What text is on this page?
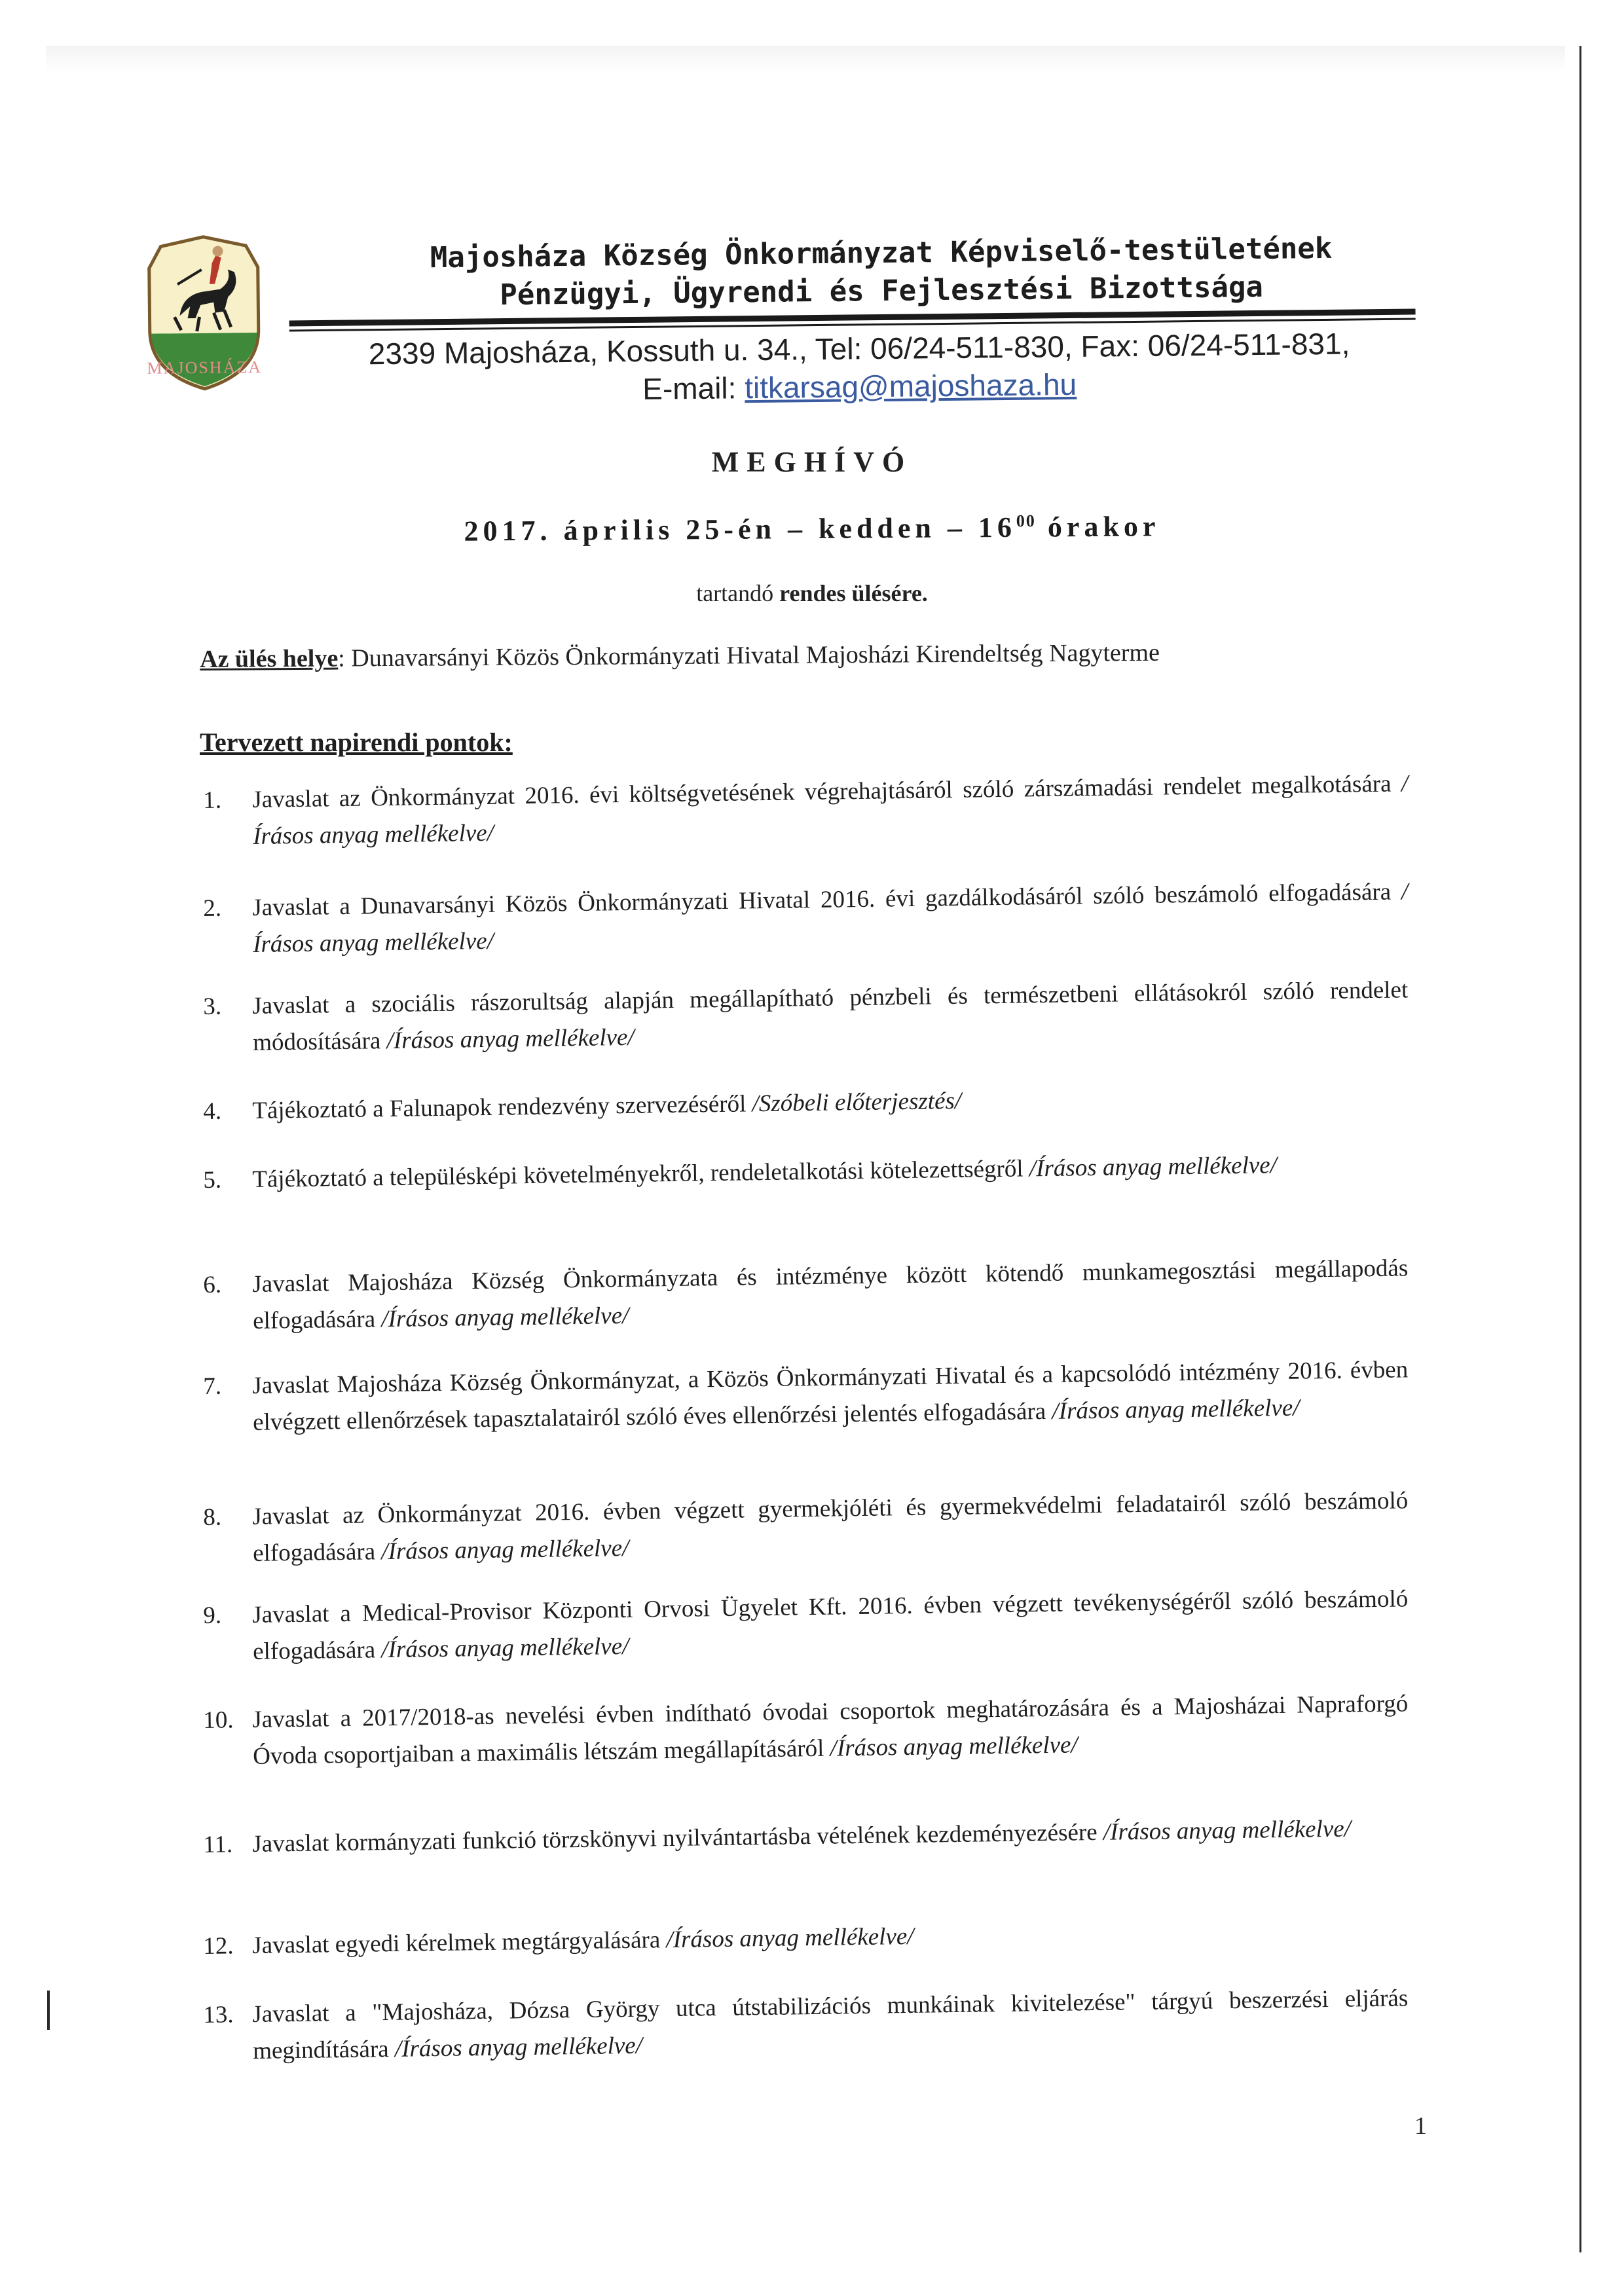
MAJOSHÁZA
Majosháza Község Önkormányzat Képviselő-testületének
Pénzügyi, Ügyrendi és Fejlesztési Bizottsága
2339 Majosháza, Kossuth u. 34., Tel: 06/24-511-830, Fax: 06/24-511-831,
E-mail: titkarsag@majoshaza.hu
MEGHÍVÓ
2017. április 25-én – kedden – $16^{00}$ órakor
tartandó rendes ülésére.
Az ülés helye: Dunavarsányi Közös Önkormányzati Hivatal Majosházi Kirendeltség Nagyterme
Tervezett napirendi pontok:
1.	Javaslat az Önkormányzat 2016. évi költségvetésének végrehajtásáról szóló zárszámadási rendelet megalkotására /Írásos anyag mellékelve/
2.	Javaslat a Dunavarsányi Közös Önkormányzati Hivatal 2016. évi gazdálkodásáról szóló beszámoló elfogadására /Írásos anyag mellékelve/
3.	Javaslat a szociális rászorultság alapján megállapítható pénzbeli és természetbeni ellátásokról szóló rendelet módosítására /Írásos anyag mellékelve/
4.	Tájékoztató a Falunapok rendezvény szervezéséről /Szóbeli előterjesztés/
5.	Tájékoztató a településképi követelményekről, rendeletalkotási kötelezettségről /Írásos anyag mellékelve/
6.	Javaslat Majosháza Község Önkormányzata és intézménye között kötendő munkamegosztási megállapodás elfogadására /Írásos anyag mellékelve/
7.	Javaslat Majosháza Község Önkormányzat, a Közös Önkormányzati Hivatal és a kapcsolódó intézmény 2016. évben elvégzett ellenőrzések tapasztalatairól szóló éves ellenőrzési jelentés elfogadására /Írásos anyag mellékelve/
8.	Javaslat az Önkormányzat 2016. évben végzett gyermekjóléti és gyermekvédelmi feladatairól szóló beszámoló elfogadására /Írásos anyag mellékelve/
9.	Javaslat a Medical-Provisor Központi Orvosi Ügyelet Kft. 2016. évben végzett tevékenységéről szóló beszámoló elfogadására /Írásos anyag mellékelve/
10. Javaslat a 2017/2018-as nevelési évben indítható óvodai csoportok meghatározására és a Majosházai Napraforgó Óvoda csoportjaiban a maximális létszám megállapításáról /Írásos anyag mellékelve/
11. Javaslat kormányzati funkció törzskönyvi nyilvántartásba vételének kezdeményezésére /Írásos anyag mellékelve/
12. Javaslat egyedi kérelmek megtárgyalására /Írásos anyag mellékelve/
13. Javaslat a "Majosháza, Dózsa György utca útstabilizációs munkáinak kivitelezése" tárgyú beszerzési eljárás megindítására /Írásos anyag mellékelve/
1
